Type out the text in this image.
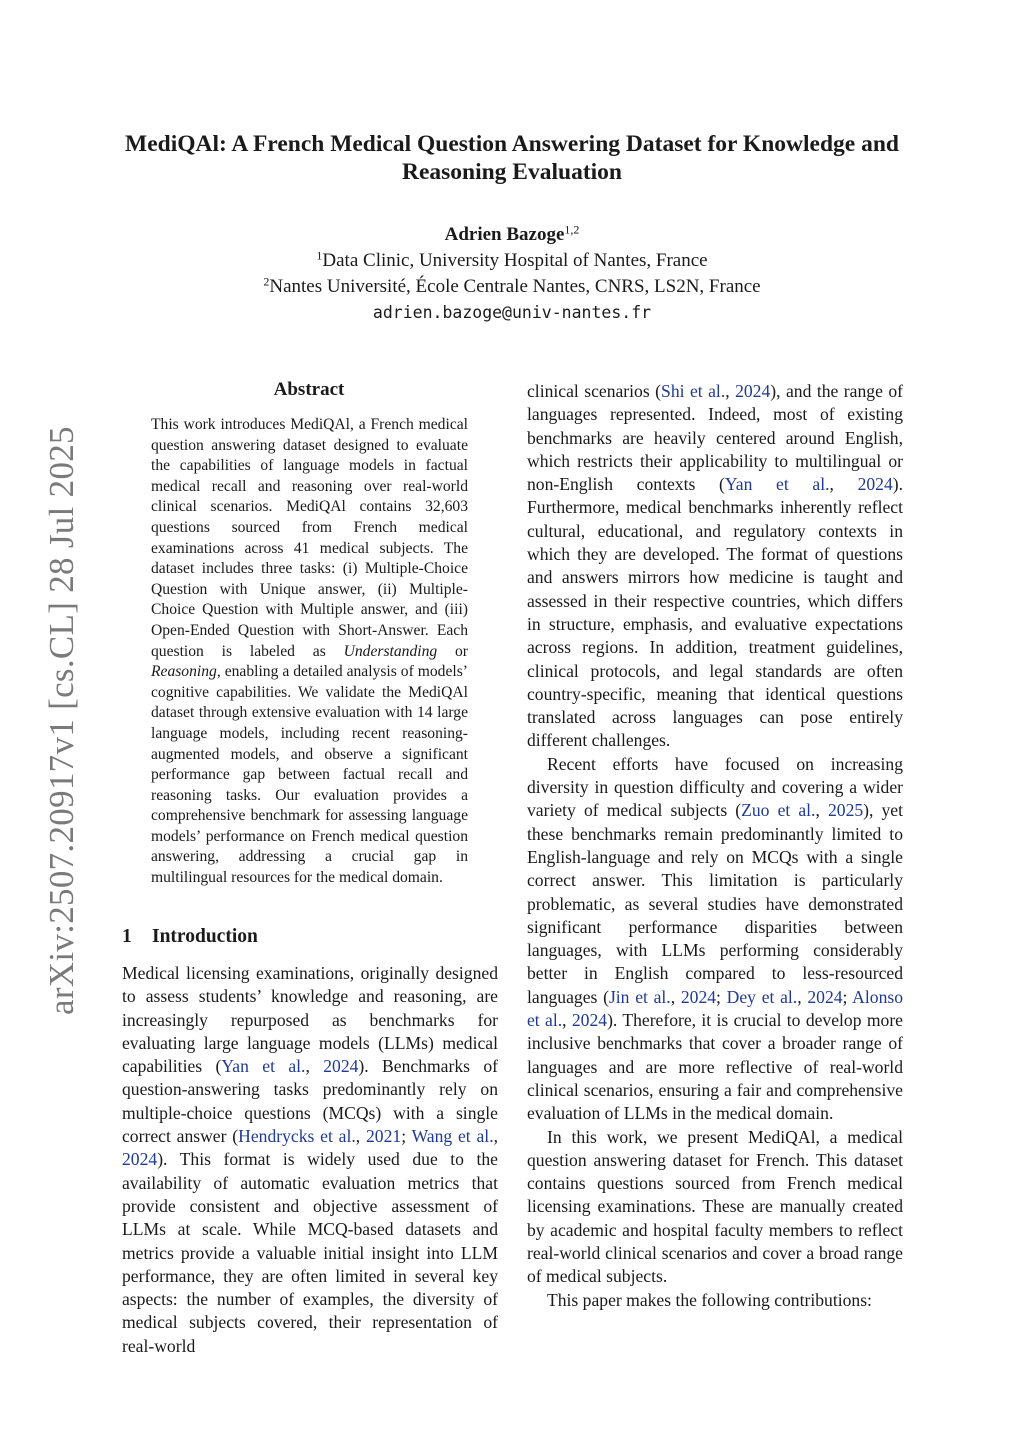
arXiv:2507.20917v1 [cs.CL] 28 Jul 2025
MediQAl: A French Medical Question Answering Dataset for Knowledge and Reasoning Evaluation
Adrien Bazoge$^{1,2}$
$^1$Data Clinic, University Hospital of Nantes, France
$^2$Nantes Université, École Centrale Nantes, CNRS, LS2N, France
adrien.bazoge@univ-nantes.fr
Abstract

This work introduces MediQAl, a French medical question answering dataset designed to evaluate the capabilities of language models in factual medical recall and reasoning over real-world clinical scenarios. MediQAl contains 32,603 questions sourced from French medical examinations across 41 medical subjects. The dataset includes three tasks: (i) Multiple-Choice Question with Unique answer, (ii) Multiple-Choice Question with Multiple answer, and (iii) Open-Ended Question with Short-Answer. Each question is labeled as Understanding or Reasoning, enabling a detailed analysis of models’ cognitive capabilities. We validate the MediQAl dataset through extensive evaluation with 14 large language models, including recent reasoning-augmented models, and observe a significant performance gap between factual recall and reasoning tasks. Our evaluation provides a comprehensive benchmark for assessing language models’ performance on French medical question answering, addressing a crucial gap in multilingual resources for the medical domain.

1 Introduction

Medical licensing examinations, originally designed to assess students’ knowledge and reasoning, are increasingly repurposed as benchmarks for evaluating large language models (LLMs) medical capabilities (Yan et al., 2024). Benchmarks of question-answering tasks predominantly rely on multiple-choice questions (MCQs) with a single correct answer (Hendrycks et al., 2021; Wang et al., 2024). This format is widely used due to the availability of automatic evaluation metrics that provide consistent and objective assessment of LLMs at scale. While MCQ-based datasets and metrics provide a valuable initial insight into LLM performance, they are often limited in several key aspects: the number of examples, the diversity of medical subjects covered, their representation of real-world

clinical scenarios (Shi et al., 2024), and the range of languages represented. Indeed, most of existing benchmarks are heavily centered around English, which restricts their applicability to multilingual or non-English contexts (Yan et al., 2024). Furthermore, medical benchmarks inherently reflect cultural, educational, and regulatory contexts in which they are developed. The format of questions and answers mirrors how medicine is taught and assessed in their respective countries, which differs in structure, emphasis, and evaluative expectations across regions. In addition, treatment guidelines, clinical protocols, and legal standards are often country-specific, meaning that identical questions translated across languages can pose entirely different challenges.

Recent efforts have focused on increasing diversity in question difficulty and covering a wider variety of medical subjects (Zuo et al., 2025), yet these benchmarks remain predominantly limited to English-language and rely on MCQs with a single correct answer. This limitation is particularly problematic, as several studies have demonstrated significant performance disparities between languages, with LLMs performing considerably better in English compared to less-resourced languages (Jin et al., 2024; Dey et al., 2024; Alonso et al., 2024). Therefore, it is crucial to develop more inclusive benchmarks that cover a broader range of languages and are more reflective of real-world clinical scenarios, ensuring a fair and comprehensive evaluation of LLMs in the medical domain.

In this work, we present MediQAl, a medical question answering dataset for French. This dataset contains questions sourced from French medical licensing examinations. These are manually created by academic and hospital faculty members to reflect real-world clinical scenarios and cover a broad range of medical subjects.

This paper makes the following contributions:
